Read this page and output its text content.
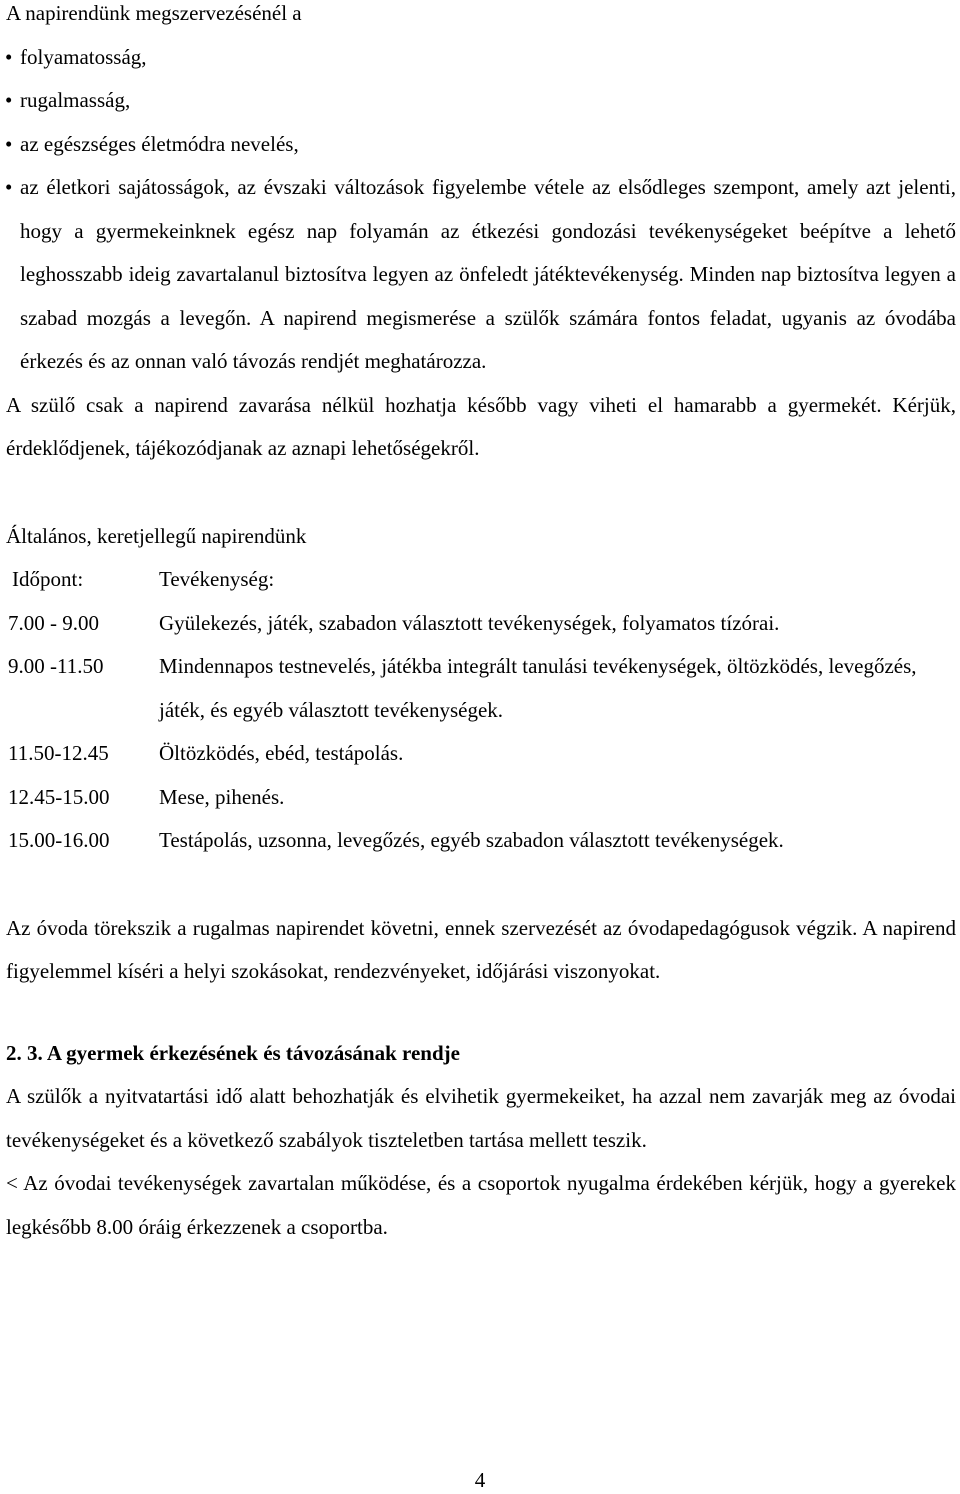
A napirendünk megszervezésénél a

• folyamatosság,
• rugalmasság,
• az egészséges életmódra nevelés,
• az életkori sajátosságok, az évszaki változások figyelembe vétele az elsődleges szempont, amely azt jelenti, hogy a gyermekeinknek egész nap folyamán az étkezési gondozási tevékenységeket beépítve a lehető leghosszabb ideig zavartalanul biztosítva legyen az önfeledt játéktevékenység. Minden nap biztosítva legyen a szabad mozgás a levegőn. A napirend megismerése a szülők számára fontos feladat, ugyanis az óvodába érkezés és az onnan való távozás rendjét meghatározza.

A szülő csak a napirend zavarása nélkül hozhatja később vagy viheti el hamarabb a gyermekét. Kérjük, érdeklődjenek, tájékozódjanak az aznapi lehetőségekről.

Általános, keretjellegű napirendünk

Időpont:	Tevékenység:
7.00 - 9.00	Gyülekezés, játék, szabadon választott tevékenységek, folyamatos tízórai.
9.00 -11.50	Mindennapos testnevelés, játékba integrált tanulási tevékenységek, öltözködés, levegőzés, játék, és egyéb választott tevékenységek.
11.50-12.45	Öltözködés, ebéd, testápolás.
12.45-15.00	Mese, pihenés.
15.00-16.00	Testápolás, uzsonna, levegőzés, egyéb szabadon választott tevékenységek.

Az óvoda törekszik a rugalmas napirendet követni, ennek szervezését az óvodapedagógusok végzik. A napirend figyelemmel kíséri a helyi szokásokat, rendezvényeket, időjárási viszonyokat.

2. 3. A gyermek érkezésének és távozásának rendje

A szülők a nyitvatartási idő alatt behozhatják és elvihetik gyermekeiket, ha azzal nem zavarják meg az óvodai tevékenységeket és a következő szabályok tiszteletben tartása mellett teszik.

< Az óvodai tevékenységek zavartalan működése, és a csoportok nyugalma érdekében kérjük, hogy a gyerekek legkésőbb 8.00 óráig érkezzenek a csoportba.

4
